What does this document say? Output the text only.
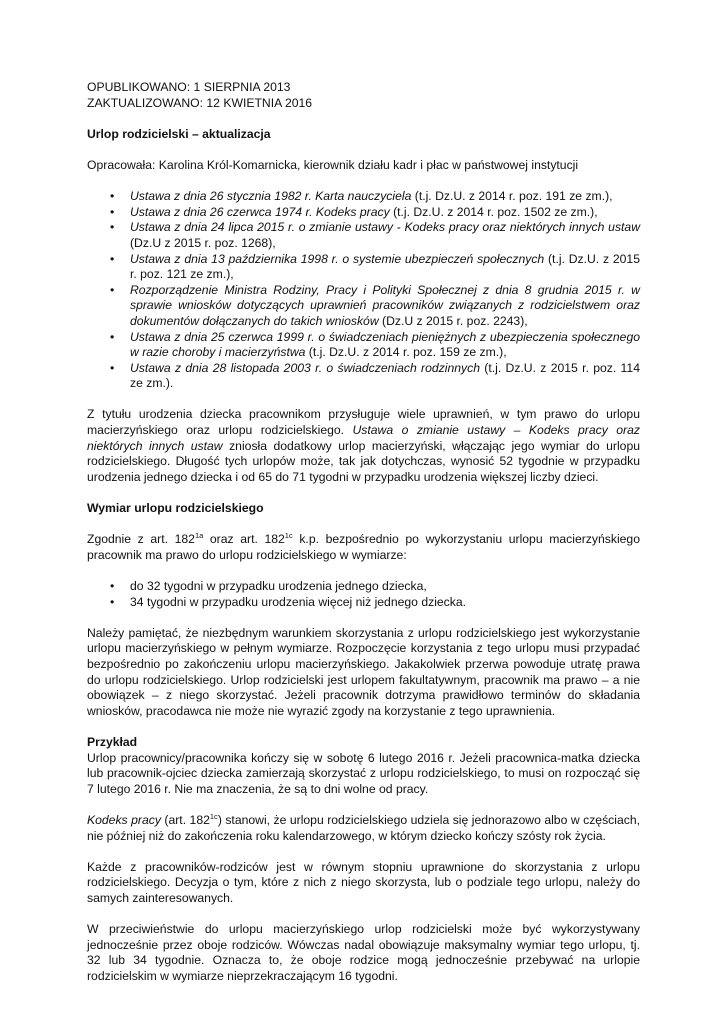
OPUBLIKOWANO: 1 SIERPNIA 2013

ZAKTUALIZOWANO: 12 KWIETNIA 2016

Urlop rodzicielski – aktualizacja

Opracowała: Karolina Król-Komarnicka, kierownik działu kadr i płac w państwowej instytucji

• Ustawa z dnia 26 stycznia 1982 r. Karta nauczyciela (t.j. Dz.U. z 2014 r. poz. 191 ze zm.),
• Ustawa z dnia 26 czerwca 1974 r. Kodeks pracy (t.j. Dz.U. z 2014 r. poz. 1502 ze zm.),
• Ustawa z dnia 24 lipca 2015 r. o zmianie ustawy - Kodeks pracy oraz niektórych innych ustaw (Dz.U z 2015 r. poz. 1268),
• Ustawa z dnia 13 października 1998 r. o systemie ubezpieczeń społecznych (t.j. Dz.U. z 2015 r. poz. 121 ze zm.),
• Rozporządzenie Ministra Rodziny, Pracy i Polityki Społecznej z dnia 8 grudnia 2015 r. w sprawie wniosków dotyczących uprawnień pracowników związanych z rodzicielstwem oraz dokumentów dołączanych do takich wniosków (Dz.U z 2015 r. poz. 2243),
• Ustawa z dnia 25 czerwca 1999 r. o świadczeniach pieniężnych z ubezpieczenia społecznego w razie choroby i macierzyństwa (t.j. Dz.U. z 2014 r. poz. 159 ze zm.),
• Ustawa z dnia 28 listopada 2003 r. o świadczeniach rodzinnych (t.j. Dz.U. z 2015 r. poz. 114 ze zm.).

Z tytułu urodzenia dziecka pracownikom przysługuje wiele uprawnień, w tym prawo do urlopu macierzyńskiego oraz urlopu rodzicielskiego. Ustawa o zmianie ustawy – Kodeks pracy oraz niektórych innych ustaw zniosła dodatkowy urlop macierzyński, włączając jego wymiar do urlopu rodzicielskiego. Długość tych urlopów może, tak jak dotychczas, wynosić 52 tygodnie w przypadku urodzenia jednego dziecka i od 65 do 71 tygodni w przypadku urodzenia większej liczby dzieci.

Wymiar urlopu rodzicielskiego

Zgodnie z art. $182^{1a}$ oraz art. $182^{1c}$ k.p. bezpośrednio po wykorzystaniu urlopu macierzyńskiego pracownik ma prawo do urlopu rodzicielskiego w wymiarze:

• do 32 tygodni w przypadku urodzenia jednego dziecka,
• 34 tygodni w przypadku urodzenia więcej niż jednego dziecka.

Należy pamiętać, że niezbędnym warunkiem skorzystania z urlopu rodzicielskiego jest wykorzystanie urlopu macierzyńskiego w pełnym wymiarze. Rozpoczęcie korzystania z tego urlopu musi przypadać bezpośrednio po zakończeniu urlopu macierzyńskiego. Jakakolwiek przerwa powoduje utratę prawa do urlopu rodzicielskiego. Urlop rodzicielski jest urlopem fakultatywnym, pracownik ma prawo – a nie obowiązek – z niego skorzystać. Jeżeli pracownik dotrzyma prawidłowo terminów do składania wniosków, pracodawca nie może nie wyrazić zgody na korzystanie z tego uprawnienia.

Przykład

Urlop pracownicy/pracownika kończy się w sobotę 6 lutego 2016 r. Jeżeli pracownica-matka dziecka lub pracownik-ojciec dziecka zamierzają skorzystać z urlopu rodzicielskiego, to musi on rozpocząć się 7 lutego 2016 r. Nie ma znaczenia, że są to dni wolne od pracy.

Kodeks pracy (art. $182^{1c}$) stanowi, że urlopu rodzicielskiego udziela się jednorazowo albo w częściach, nie później niż do zakończenia roku kalendarzowego, w którym dziecko kończy szósty rok życia.

Każde z pracowników-rodziców jest w równym stopniu uprawnione do skorzystania z urlopu rodzicielskiego. Decyzja o tym, które z nich z niego skorzysta, lub o podziale tego urlopu, należy do samych zainteresowanych.

W przeciwieństwie do urlopu macierzyńskiego urlop rodzicielski może być wykorzystywany jednocześnie przez oboje rodziców. Wówczas nadal obowiązuje maksymalny wymiar tego urlopu, tj. 32 lub 34 tygodnie. Oznacza to, że oboje rodzice mogą jednocześnie przebywać na urlopie rodzicielskim w wymiarze nieprzekraczającym 16 tygodni.
